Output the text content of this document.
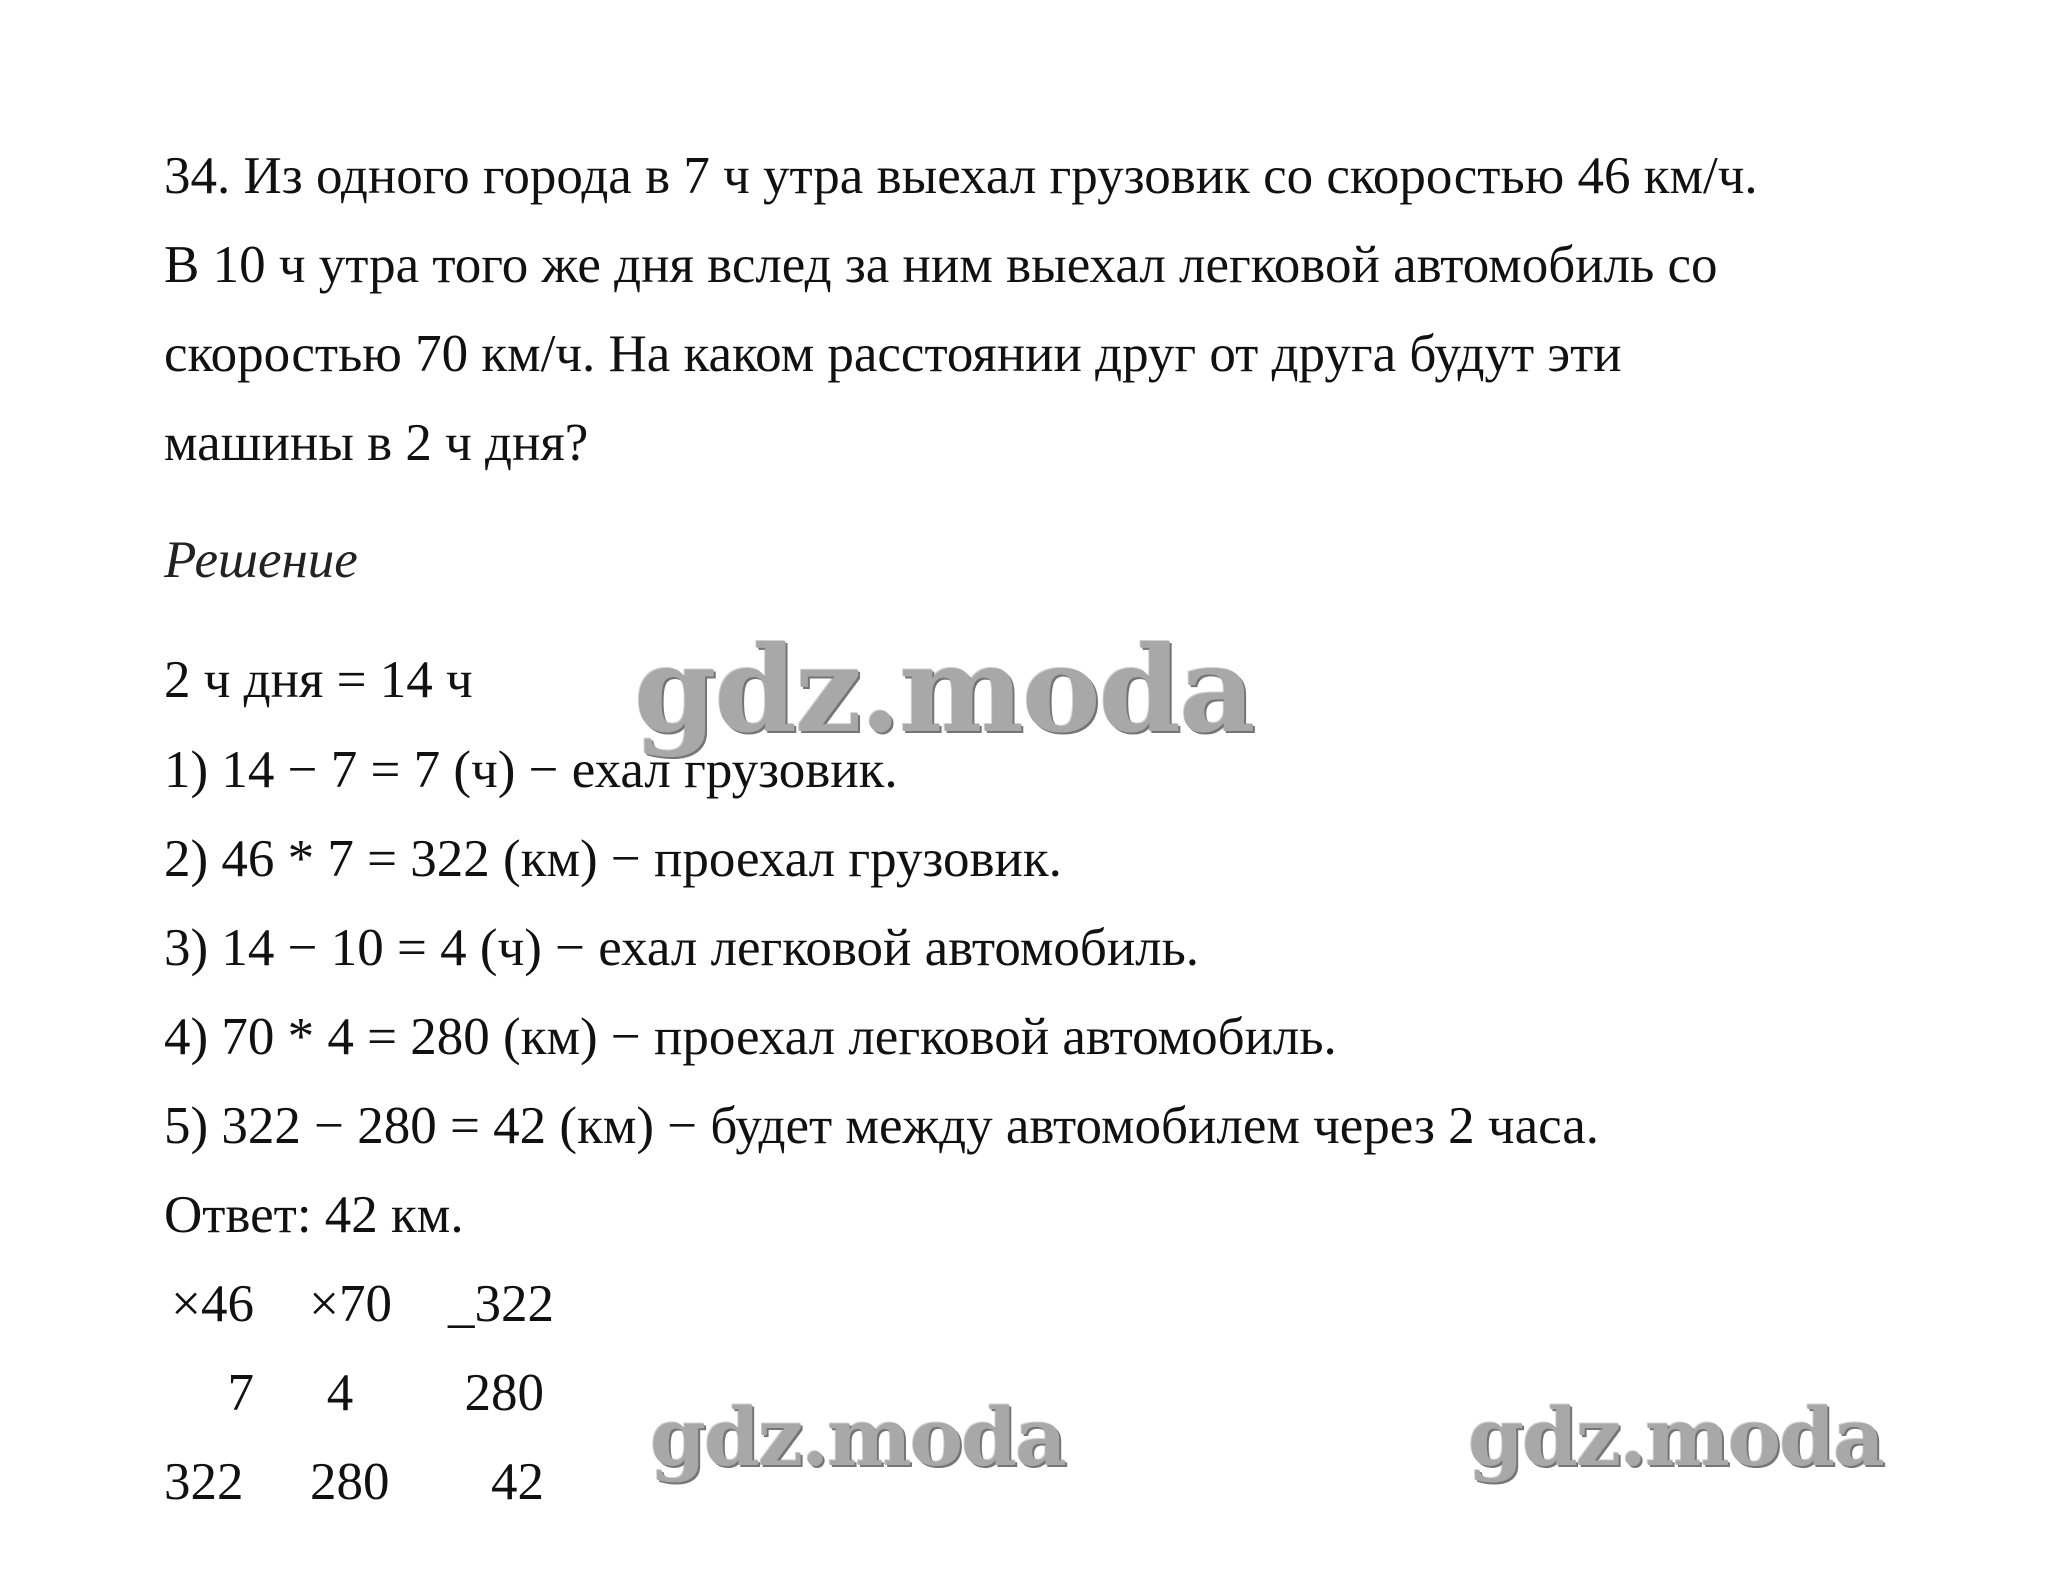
34. Из одного города в 7 ч утра выехал грузовик со скоростью 46 км/ч.
В 10 ч утра того же дня вслед за ним выехал легковой автомобиль со
скоростью 70 км/ч. На каком расстоянии друг от друга будут эти
машины в 2 ч дня?
Решение
2 ч дня = 14 ч
1) 14 − 7 = 7 (ч) − ехал грузовик.
2) 46 * 7 = 322 (км) − проехал грузовик.
3) 14 − 10 = 4 (ч) − ехал легковой автомобиль.
4) 70 * 4 = 280 (км) − проехал легковой автомобиль.
5) 322 − 280 = 42 (км) − будет между автомобилем через 2 часа.
Ответ: 42 км.
×46
7
322
×70
4
280
_322
280
42
gdz.moda
gdz.moda	gdz.moda
